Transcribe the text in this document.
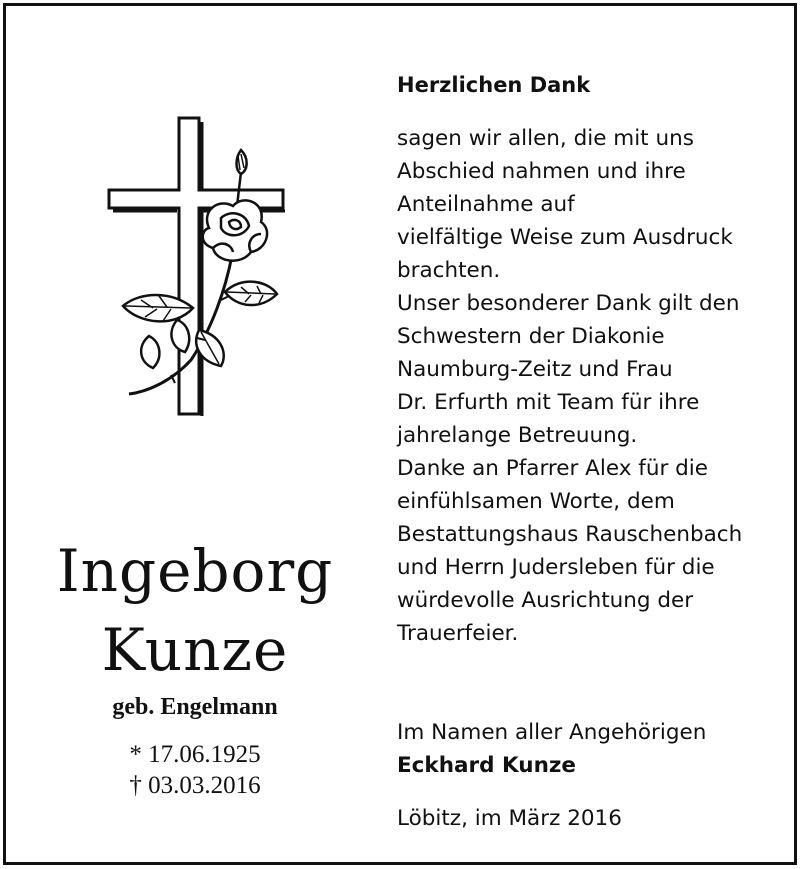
Ingeborg
Kunze
geb. Engelmann
* 17.06.1925
† 03.03.2016
Herzlichen Dank
sagen wir allen, die mit uns
Abschied nahmen und ihre
Anteilnahme auf
vielfältige Weise zum Ausdruck
brachten.
Unser besonderer Dank gilt den
Schwestern der Diakonie
Naumburg-Zeitz und Frau
Dr. Erfurth mit Team für ihre
jahrelange Betreuung.
Danke an Pfarrer Alex für die
einfühlsamen Worte, dem
Bestattungshaus Rauschenbach
und Herrn Judersleben für die
würdevolle Ausrichtung der
Trauerfeier.
Im Namen aller Angehörigen
Eckhard Kunze
Löbitz, im März 2016
